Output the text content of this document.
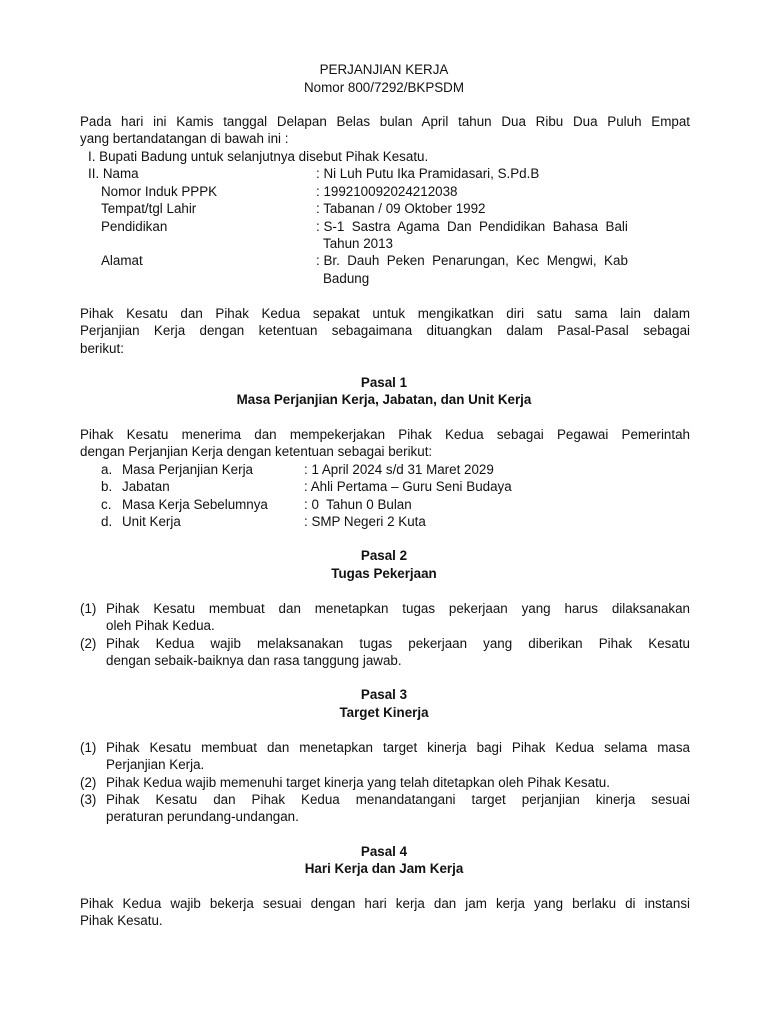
PERJANJIAN KERJA
Nomor 800/7292/BKPSDM
Pada hari ini Kamis tanggal Delapan Belas bulan April tahun Dua Ribu Dua Puluh Empat
yang bertandatangan di bawah ini :
I. Bupati Badung untuk selanjutnya disebut Pihak Kesatu.
II. Nama	: Ni Luh Putu Ika Pramidasari, S.Pd.B
Nomor Induk PPPK	: 199210092024212038
Tempat/tgl Lahir	: Tabanan / 09 Oktober 1992
Pendidikan	: S-1  Sastra  Agama  Dan  Pendidikan  Bahasa  Bali
Tahun 2013
Alamat	: Br.  Dauh  Peken  Penarungan,  Kec  Mengwi,  Kab
Badung
Pihak Kesatu dan Pihak Kedua sepakat untuk mengikatkan diri satu sama lain dalam
Perjanjian Kerja dengan ketentuan sebagaimana dituangkan dalam Pasal-Pasal sebagai
berikut:
Pasal 1
Masa Perjanjian Kerja, Jabatan, dan Unit Kerja
Pihak Kesatu menerima dan mempekerjakan Pihak Kedua sebagai Pegawai Pemerintah
dengan Perjanjian Kerja dengan ketentuan sebagai berikut:
a. Masa Perjanjian Kerja	: 1 April 2024 s/d 31 Maret 2029
b. Jabatan	: Ahli Pertama – Guru Seni Budaya
c. Masa Kerja Sebelumnya	: 0  Tahun 0 Bulan
d. Unit Kerja	: SMP Negeri 2 Kuta
Pasal 2
Tugas Pekerjaan
(1) Pihak Kesatu membuat dan menetapkan tugas pekerjaan yang harus dilaksanakan
oleh Pihak Kedua.
(2) Pihak Kedua wajib melaksanakan tugas pekerjaan yang diberikan Pihak Kesatu
dengan sebaik-baiknya dan rasa tanggung jawab.
Pasal 3
Target Kinerja
(1) Pihak Kesatu membuat dan menetapkan target kinerja bagi Pihak Kedua selama masa
Perjanjian Kerja.
(2) Pihak Kedua wajib memenuhi target kinerja yang telah ditetapkan oleh Pihak Kesatu.
(3) Pihak Kesatu dan Pihak Kedua menandatangani target perjanjian kinerja sesuai
peraturan perundang-undangan.
Pasal 4
Hari Kerja dan Jam Kerja
Pihak Kedua wajib bekerja sesuai dengan hari kerja dan jam kerja yang berlaku di instansi
Pihak Kesatu.
